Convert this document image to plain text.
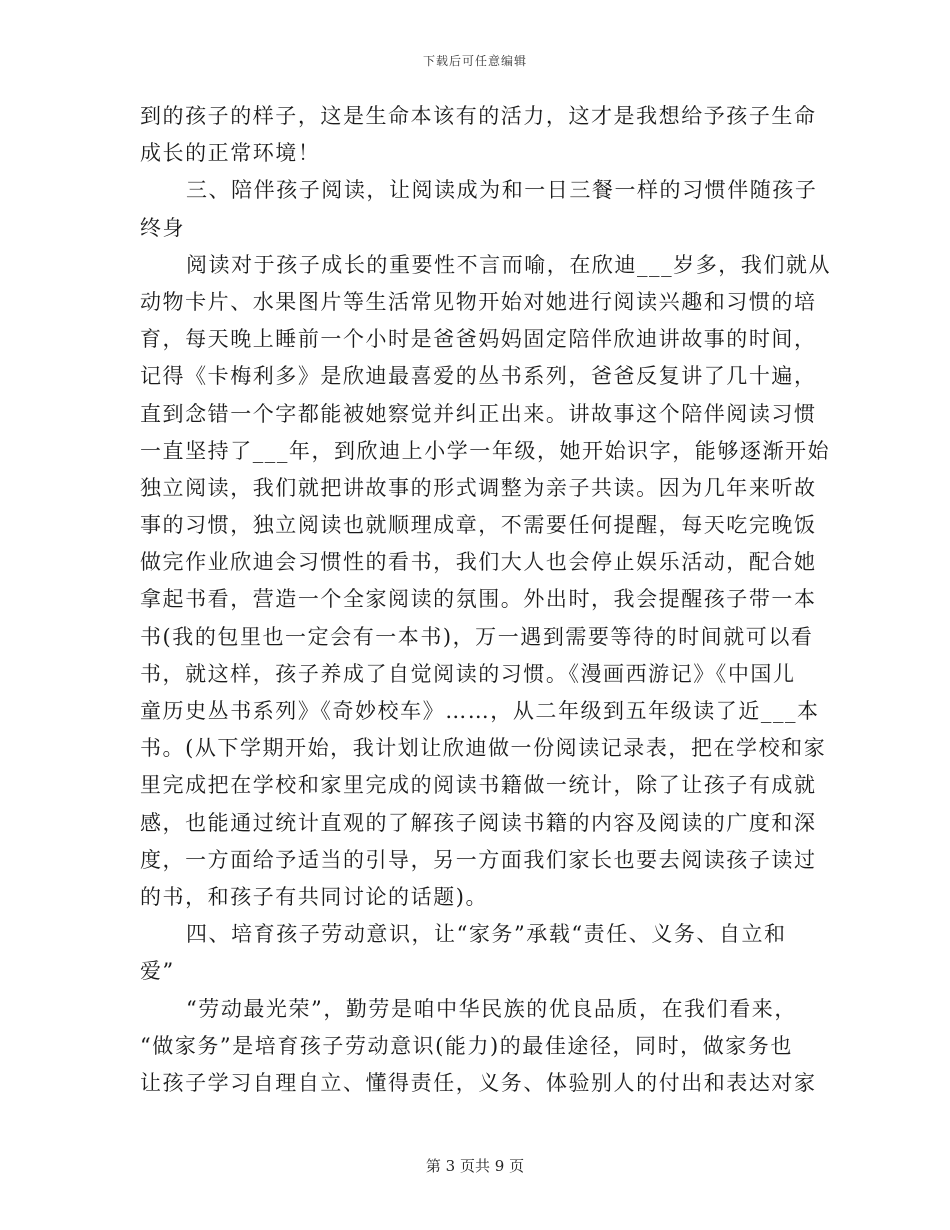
下载后可任意编辑
到的孩子的样子，这是生命本该有的活力，这才是我想给予孩子生命
成长的正常环境！
三、陪伴孩子阅读，让阅读成为和一日三餐一样的习惯伴随孩子
终身
阅读对于孩子成长的重要性不言而喻，在欣迪___岁多，我们就从
动物卡片、水果图片等生活常见物开始对她进行阅读兴趣和习惯的培
育，每天晚上睡前一个小时是爸爸妈妈固定陪伴欣迪讲故事的时间，
记得《卡梅利多》是欣迪最喜爱的丛书系列，爸爸反复讲了几十遍，
直到念错一个字都能被她察觉并纠正出来。讲故事这个陪伴阅读习惯
一直坚持了___年，到欣迪上小学一年级，她开始识字，能够逐渐开始
独立阅读，我们就把讲故事的形式调整为亲子共读。因为几年来听故
事的习惯，独立阅读也就顺理成章，不需要任何提醒，每天吃完晚饭
做完作业欣迪会习惯性的看书，我们大人也会停止娱乐活动，配合她
拿起书看，营造一个全家阅读的氛围。外出时，我会提醒孩子带一本
书(我的包里也一定会有一本书)，万一遇到需要等待的时间就可以看
书，就这样，孩子养成了自觉阅读的习惯。《漫画西游记》《中国儿
童历史丛书系列》《奇妙校车》……，从二年级到五年级读了近___本
书。(从下学期开始，我计划让欣迪做一份阅读记录表，把在学校和家
里完成把在学校和家里完成的阅读书籍做一统计，除了让孩子有成就
感，也能通过统计直观的了解孩子阅读书籍的内容及阅读的广度和深
度，一方面给予适当的引导，另一方面我们家长也要去阅读孩子读过
的书，和孩子有共同讨论的话题)。
四、培育孩子劳动意识，让“家务”承载“责任、义务、自立和
爱”
“劳动最光荣”，勤劳是咱中华民族的优良品质，在我们看来，
“做家务”是培育孩子劳动意识(能力)的最佳途径，同时，做家务也
让孩子学习自理自立、懂得责任，义务、体验别人的付出和表达对家
第 3 页共 9 页
